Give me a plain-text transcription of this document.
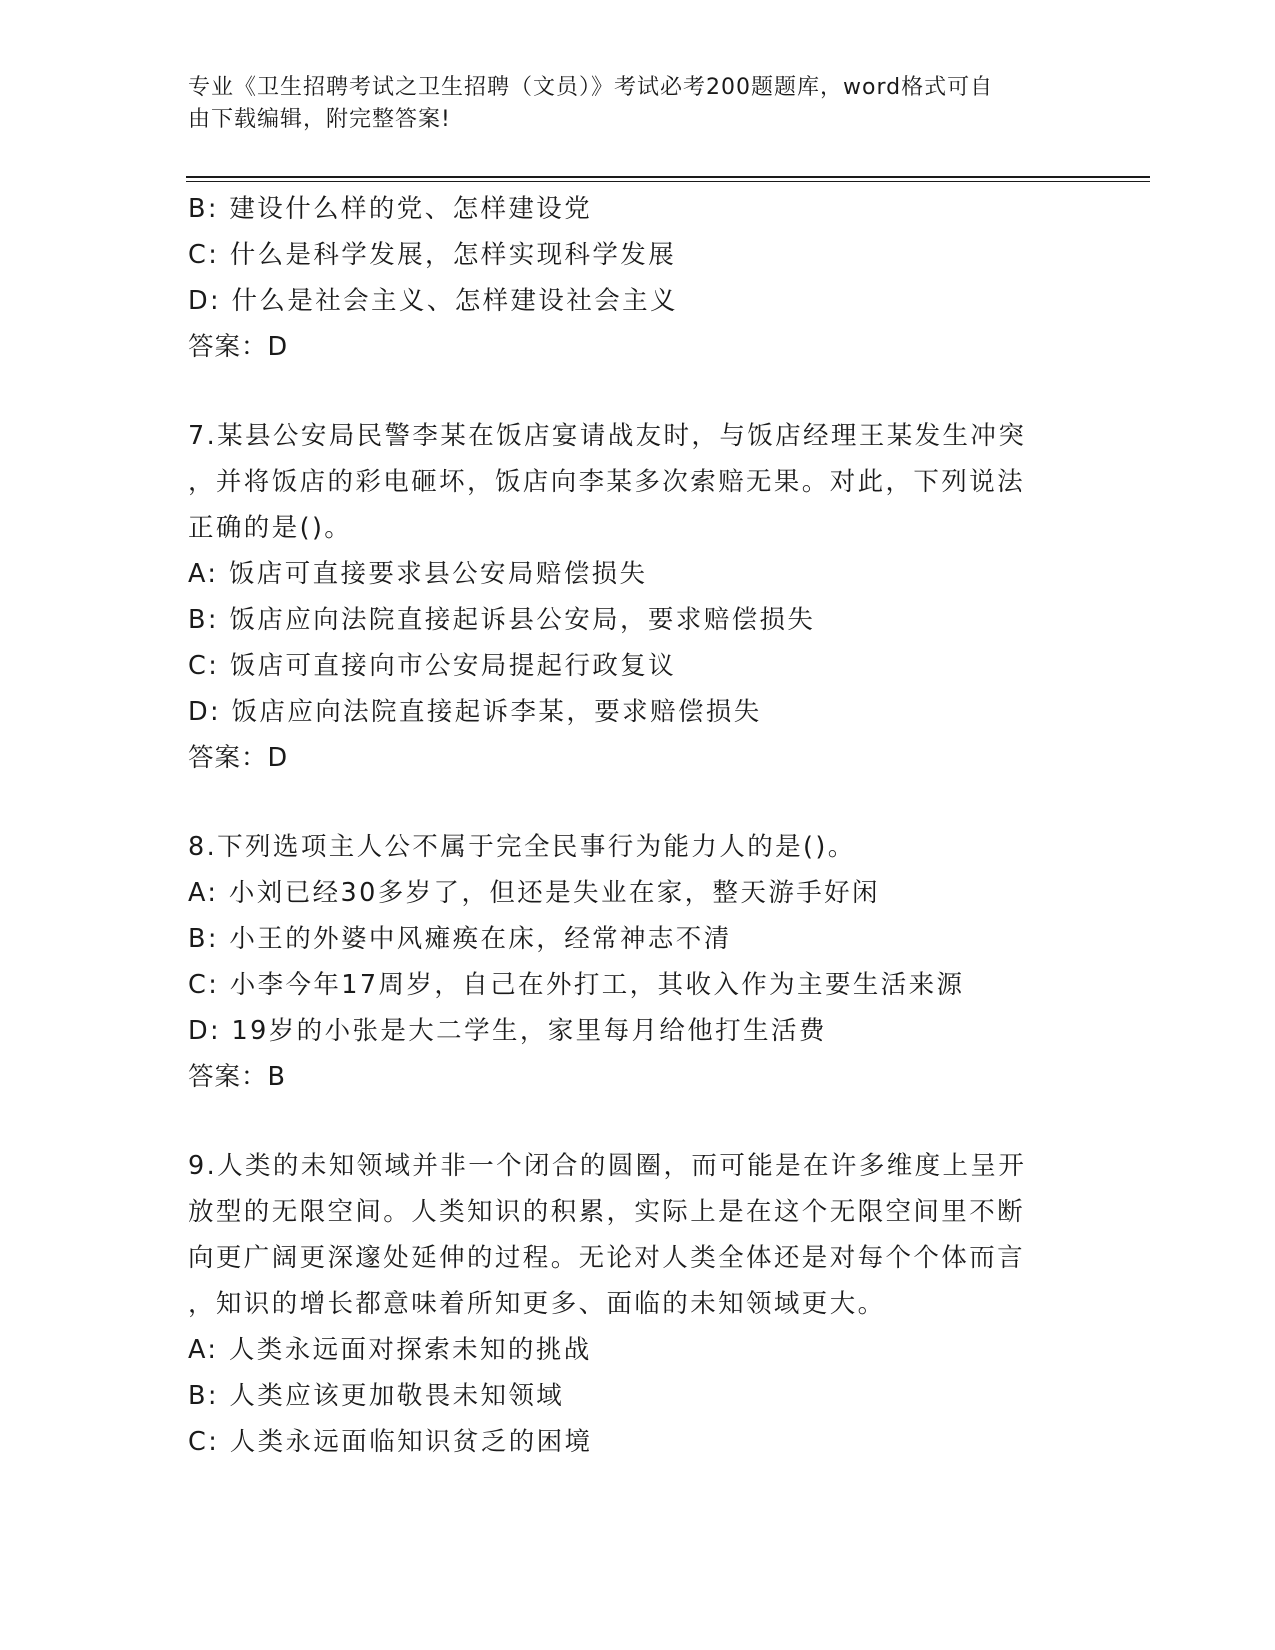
专业《卫生招聘考试之卫生招聘（文员）》考试必考200题题库，word格式可自
由下载编辑，附完整答案!
B: 建设什么样的党、怎样建设党
C: 什么是科学发展，怎样实现科学发展
D: 什么是社会主义、怎样建设社会主义
答案：D
7.某县公安局民警李某在饭店宴请战友时，与饭店经理王某发生冲突
，并将饭店的彩电砸坏，饭店向李某多次索赔无果。对此，下列说法
正确的是()。
A: 饭店可直接要求县公安局赔偿损失
B: 饭店应向法院直接起诉县公安局，要求赔偿损失
C: 饭店可直接向市公安局提起行政复议
D: 饭店应向法院直接起诉李某，要求赔偿损失
答案：D
8.下列选项主人公不属于完全民事行为能力人的是()。
A: 小刘已经30多岁了，但还是失业在家，整天游手好闲
B: 小王的外婆中风瘫痪在床，经常神志不清
C: 小李今年17周岁，自己在外打工，其收入作为主要生活来源
D: 19岁的小张是大二学生，家里每月给他打生活费
答案：B
9.人类的未知领域并非一个闭合的圆圈，而可能是在许多维度上呈开
放型的无限空间。人类知识的积累，实际上是在这个无限空间里不断
向更广阔更深邃处延伸的过程。无论对人类全体还是对每个个体而言
，知识的增长都意味着所知更多、面临的未知领域更大。
A: 人类永远面对探索未知的挑战
B: 人类应该更加敬畏未知领域
C: 人类永远面临知识贫乏的困境
